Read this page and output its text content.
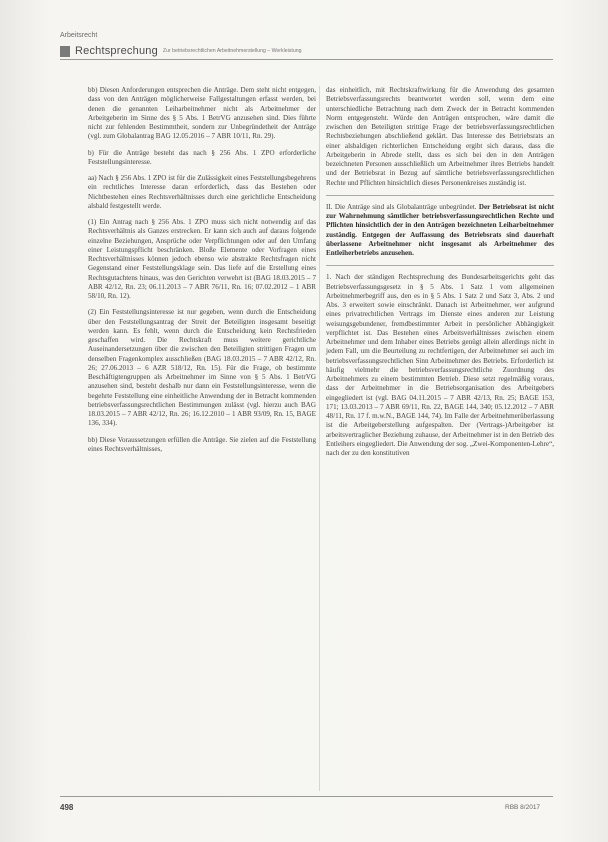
Arbeitsrecht
Rechtsprechung Zur betriebsrechtlichen Arbeitnehmerstellung – Werkleistung

bb) Diesen Anforderungen entsprechen die Anträge. Dem steht nicht entgegen, dass von den Anträgen möglicherweise Fallgestaltungen erfasst werden, bei denen die genannten Leiharbeitnehmer nicht als Arbeitnehmer der Arbeitgeberin im Sinne des § 5 Abs. 1 BetrVG anzusehen sind. Dies führte nicht zur fehlenden Bestimmtheit, sondern zur Unbegründetheit der Anträge (vgl. zum Globalantrag BAG 12.05.2016 – 7 ABR 10/11, Rn. 29).

b) Für die Anträge besteht das nach § 256 Abs. 1 ZPO erforderliche Feststellungsinteresse.

aa) Nach § 256 Abs. 1 ZPO ist für die Zulässigkeit eines Feststellungsbegehrens ein rechtliches Interesse daran erforderlich, dass das Bestehen oder Nichtbestehen eines Rechtsverhältnisses durch eine gerichtliche Entscheidung alsbald festgestellt werde.

(1) Ein Antrag nach § 256 Abs. 1 ZPO muss sich nicht notwendig auf das Rechtsverhältnis als Ganzes erstrecken. Er kann sich auch auf daraus folgende einzelne Beziehungen, Ansprüche oder Verpflichtungen oder auf den Umfang einer Leistungspflicht beschränken. Bloße Elemente oder Vorfragen eines Rechtsverhältnisses können jedoch ebenso wie abstrakte Rechtsfragen nicht Gegenstand einer Feststellungsklage sein. Das liefe auf die Erstellung eines Rechtsgutachtens hinaus, was den Gerichten verwehrt ist (BAG 18.03.2015 – 7 ABR 42/12, Rn. 23; 06.11.2013 – 7 ABR 76/11, Rn. 16; 07.02.2012 – 1 ABR 58/10, Rn. 12).

(2) Ein Feststellungsinteresse ist nur gegeben, wenn durch die Entscheidung über den Feststellungsantrag der Streit der Beteiligten insgesamt beseitigt werden kann. Es fehlt, wenn durch die Entscheidung kein Rechtsfrieden geschaffen wird. Die Rechtskraft muss weitere gerichtliche Auseinandersetzungen über die zwischen den Beteiligten strittigen Fragen um denselben Fragenkomplex ausschließen (BAG 18.03.2015 – 7 ABR 42/12, Rn. 26; 27.06.2013 – 6 AZR 518/12, Rn. 15). Für die Frage, ob bestimmte Beschäftigtengruppen als Arbeitnehmer im Sinne von § 5 Abs. 1 BetrVG anzusehen sind, besteht deshalb nur dann ein Feststellungsinteresse, wenn die begehrte Feststellung eine einheitliche Anwendung der in Betracht kommenden betriebsverfassungsrechtlichen Bestimmungen zulässt (vgl. hierzu auch BAG 18.03.2015 – 7 ABR 42/12, Rn. 26; 16.12.2010 – 1 ABR 93/09, Rn. 15, BAGE 136, 334).

bb) Diese Voraussetzungen erfüllen die Anträge. Sie zielen auf die Feststellung eines Rechtsverhältnisses,

das einheitlich, mit Rechtskraftwirkung für die Anwendung des gesamten Betriebsverfassungsrechts beantwortet werden soll, wenn dem eine unterschiedliche Betrachtung nach dem Zweck der in Betracht kommenden Norm entgegensteht. Würde den Anträgen entsprochen, wäre damit die zwischen den Beteiligten strittige Frage der betriebsverfassungsrechtlichen Rechtsbeziehungen abschließend geklärt. Das Interesse des Betriebsrats an einer alsbaldigen richterlichen Entscheidung ergibt sich daraus, dass die Arbeitgeberin in Abrede stellt, dass es sich bei den in den Anträgen bezeichneten Personen ausschließlich um Arbeitnehmer ihres Betriebs handelt und der Betriebsrat in Bezug auf sämtliche betriebsverfassungsrechtlichen Rechte und Pflichten hinsichtlich dieses Personenkreises zuständig ist.

II. Die Anträge sind als Globalanträge unbegründet. Der Betriebsrat ist nicht zur Wahrnehmung sämtlicher betriebsverfassungsrechtlichen Rechte und Pflichten hinsichtlich der in den Anträgen bezeichneten Leiharbeitnehmer zuständig. Entgegen der Auffassung des Betriebsrats sind dauerhaft überlassene Arbeitnehmer nicht insgesamt als Arbeitnehmer des Entleiherbetriebs anzusehen.

1. Nach der ständigen Rechtsprechung des Bundesarbeitsgerichts geht das Betriebsverfassungsgesetz in § 5 Abs. 1 Satz 1 vom allgemeinen Arbeitnehmerbegriff aus, den es in § 5 Abs. 1 Satz 2 und Satz 3, Abs. 2 und Abs. 3 erweitert sowie einschränkt. Danach ist Arbeitnehmer, wer aufgrund eines privatrechtlichen Vertrags im Dienste eines anderen zur Leistung weisungsgebundener, fremdbestimmter Arbeit in persönlicher Abhängigkeit verpflichtet ist. Das Bestehen eines Arbeitsverhältnisses zwischen einem Arbeitnehmer und dem Inhaber eines Betriebs genügt allein allerdings nicht in jedem Fall, um die Beurteilung zu rechtfertigen, der Arbeitnehmer sei auch im betriebsverfassungsrechtlichen Sinn Arbeitnehmer des Betriebs. Erforderlich ist häufig vielmehr die betriebsverfassungsrechtliche Zuordnung des Arbeitnehmers zu einem bestimmten Betrieb. Diese setzt regelmäßig voraus, dass der Arbeitnehmer in die Betriebsorganisation des Arbeitgebers eingegliedert ist (vgl. BAG 04.11.2015 – 7 ABR 42/13, Rn. 25; BAGE 153, 171; 13.03.2013 – 7 ABR 69/11, Rn. 22, BAGE 144, 340; 05.12.2012 – 7 ABR 48/11, Rn. 17 f. m.w.N., BAGE 144, 74). Im Falle der Arbeitnehmerüberlassung ist die Arbeitgeberstellung aufgespalten. Der (Vertrags-)Arbeitgeber ist arbeitsvertraglicher Beziehung zuhause, der Arbeitnehmer ist in den Betrieb des Entleihers eingegliedert. Die Anwendung der sog. „Zwei-Komponenten-Lehre“, nach der zu den konstitutiven

498	RBB 8/2017
